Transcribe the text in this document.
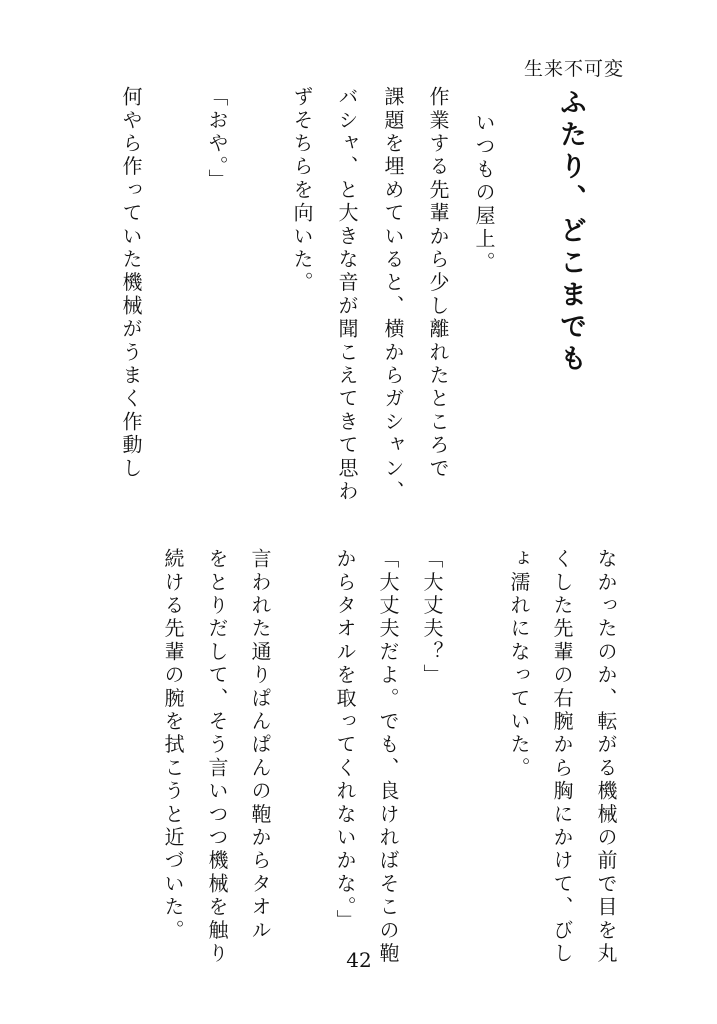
生来不可変
ふたり、どこまでも
いつもの屋上。
作業する先輩から少し離れたところで
課題を埋めていると、横からガシャン、
バシャ、と大きな音が聞こえてきて思わ
ずそちらを向いた。
「おや。」
何やら作っていた機械がうまく作動し
なかったのか、転がる機械の前で目を丸
くした先輩の右腕から胸にかけて、びし
ょ濡れになっていた。
「大丈夫？」
「大丈夫だよ。でも、良ければそこの鞄
からタオルを取ってくれないかな。」
言われた通りぱんぱんの鞄からタオル
をとりだして、そう言いつつ機械を触り
続ける先輩の腕を拭こうと近づいた。
42
